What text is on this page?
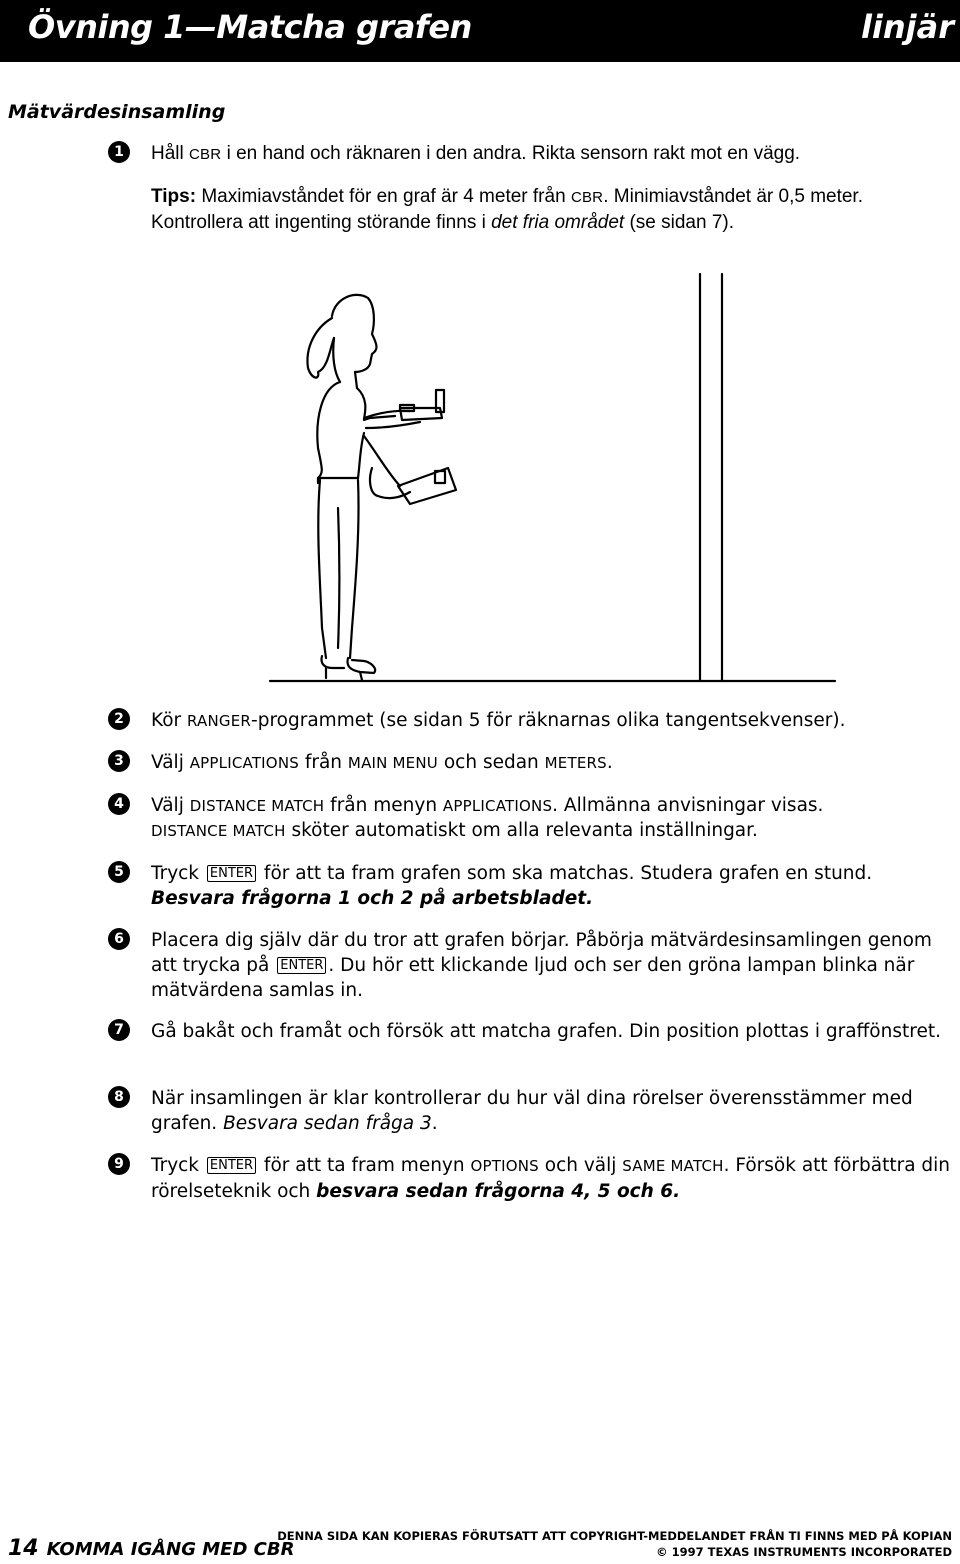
Övning 1—Matcha grafen	linjär
Mätvärdesinsamling
1	Håll CBR i en hand och räknaren i den andra. Rikta sensorn rakt mot en vägg.
Tips: Maximiavståndet för en graf är 4 meter från CBR. Minimiavståndet är 0,5 meter. Kontrollera att ingenting störande finns i det fria området (se sidan 7).
2	Kör RANGER-programmet (se sidan 5 för räknarnas olika tangentsekvenser).
3	Välj APPLICATIONS från MAIN MENU och sedan METERS.
4	Välj DISTANCE MATCH från menyn APPLICATIONS. Allmänna anvisningar visas.
DISTANCE MATCH sköter automatiskt om alla relevanta inställningar.
5	Tryck ENTER för att ta fram grafen som ska matchas. Studera grafen en stund.
Besvara frågorna 1 och 2 på arbetsbladet.
6	Placera dig själv där du tror att grafen börjar. Påbörja mätvärdesinsamlingen genom att trycka på ENTER . Du hör ett klickande ljud och ser den gröna lampan blinka när mätvärdena samlas in.
7	Gå bakåt och framåt och försök att matcha grafen. Din position plottas i graffönstret.
8	När insamlingen är klar kontrollerar du hur väl dina rörelser överensstämmer med grafen. Besvara sedan fråga 3.
9	Tryck ENTER för att ta fram menyn OPTIONS och välj SAME MATCH. Försök att förbättra din rörelseteknik och besvara sedan frågorna 4, 5 och 6.
14 KOMMA IGÅNG MED CBR
DENNA SIDA KAN KOPIERAS FÖRUTSATT ATT COPYRIGHT-MEDDELANDET FRÅN TI FINNS MED PÅ KOPIAN
© 1997 TEXAS INSTRUMENTS INCORPORATED
